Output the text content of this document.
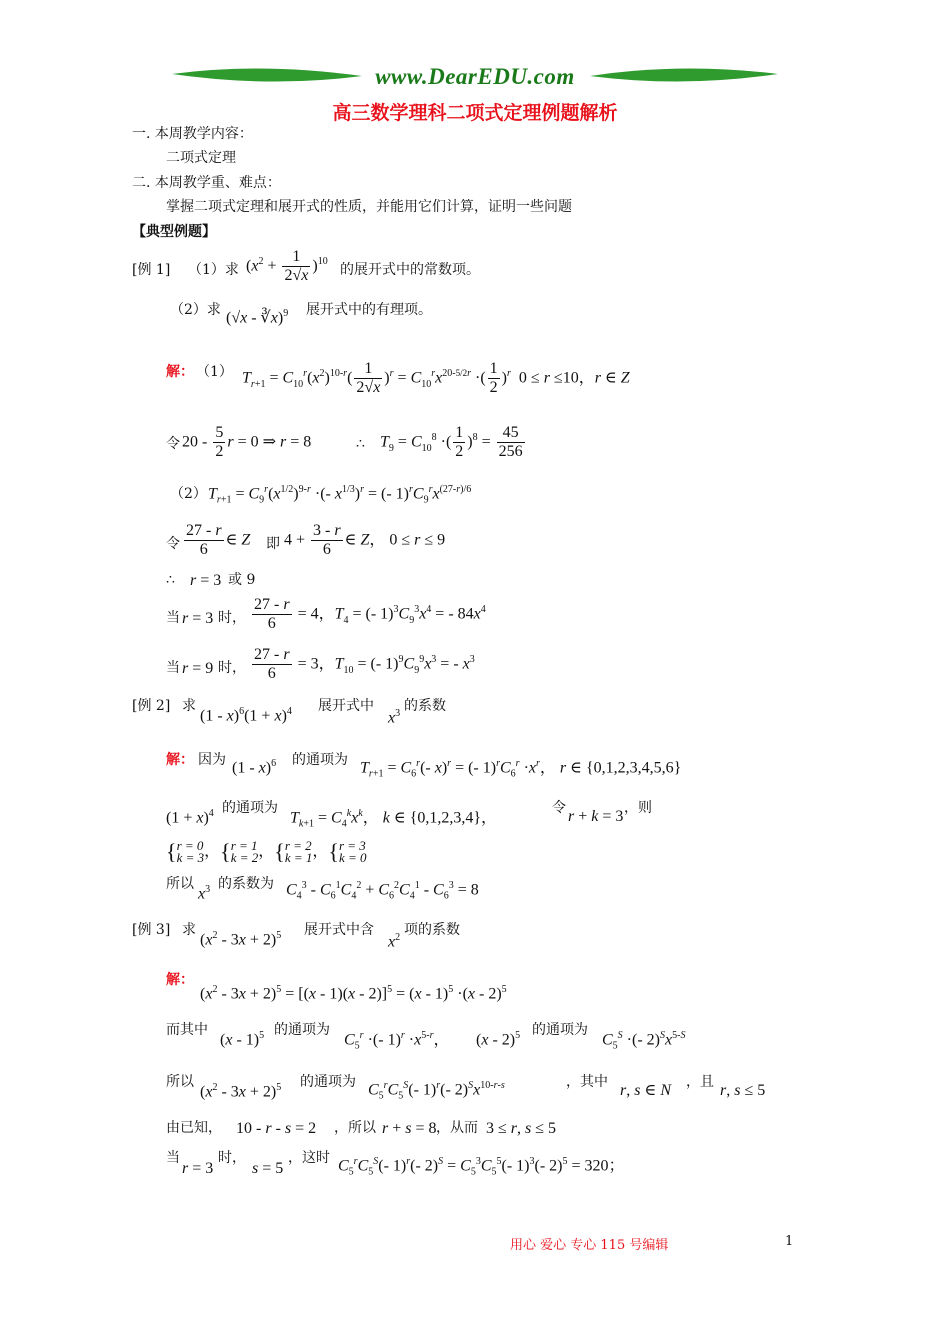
www.DearEDU.com
高三数学理科二项式定理例题解析
一. 本周教学内容：
二项式定理
二. 本周教学重、难点：
掌握二项式定理和展开式的性质，并能用它们计算，证明一些问题
【典型例题】
[例 1] （1）求 $(x^2 + \frac{1}{2√x} )^{10}$
的展开式中的常数项。
（2）求 (√x - ∛x)$^9$ 展开式中的有理项。
解： （1） $T_{r+1} = C_{10}^r(x^2)^{10-r}( \frac{1}{2√x} )^r = C_{10}^rx^{20-5/2r}$ ·( $\frac{1}{2} )^r$  0 ≤ r ≤10，r ∈ Z
令 $20 - \frac{5}{2}$ r = 0 ⇒ r = 8	∴ $T_9 = C_{10}^8$ ·( $\frac{1}{2} )^8 = \frac{45}{256}$
（2） $T_{r+1} = C_9^r(x^{1/2})^{9-r}$ ·(- $x^{1/3})^r$ = (- $1)^rC_9^rx^{(27-r)/6}$
令 $\frac{27 - r}{6}$ ∈ Z 即 $4 + \frac{3 - r}{6}$ ∈ Z， 0 ≤ r ≤ 9
∴ r = 3 或 9
当 r = 3 时， $\frac{27 - r}{6} = 4$，$T_4$ = (- $1)^3C_9^3x^4$ = - $84x^4$
当 r = 9 时， $\frac{27 - r}{6} = 3$，$T_{10}$ = (- $1)^9C_9^9x^3$ = - $x^3$
[例 2] 求
$(1 - x)^6(1 + x)^4$ 展开式中
$x^3$ 的系数
解： 因为 (1 - x)$^6$ 的通项为 $T_{r+1} = C_6^r(-$ x)$^r$ = (- $1)^rC_6^r \cdot x^r$， r ∈ {0,1,2,3,4,5,6}
$(1 + x)^4$ 的通项为
$T_{k+1} = C_4^kx^k$， k ∈ {0,1,2,3,4}，
令 r + k = 3 ，则
{r = 0
k = 3，{r = 1
k = 2，{r = 2
k = 1，{r = 3
k = 0
所以
$x^3$ 的系数为 $C_4^3 - C_6^1C_4^2 + C_6^2C_4^1 - C_6^3 = 8$
[例 3] 求
$(x^2 - 3x + 2)^5$ 展开式中含
$x^2$ 项的系数
解：
$(x^2 - 3x + 2)^5 = [(x - 1)(x - 2)]^5 = (x - 1)^5 \cdot(x - 2)^5$
而其中
(x - 1)$^5$ 的通项为
$C_5^r$ ·(- $1)^r \cdot x^{5-r}$， (x - 2)$^5$ 的通项为
$C_5^S$ ·(- $2)^Sx^{5-S}$
所以
$(x^2 - 3x + 2)^5$ 的通项为 $C_5^rC_5^S(-$ 1)$^r$(- $2)^Sx^{10-r-s}$	，其中 r, s ∈ N ，且 r, s ≤ 5
由已知， 10 - r - s = 2 ，所以 r + s = 8 ，从而 3 ≤ r, s ≤ 5
当
r = 3
时，
s = 5
，这时 $C_5^rC_5^S(-$ 1)$^r$(- $2)^S = C_5^3C_5^5(-$ 1)$^3$(- 2)$^5$ = 320；
用心 爱心 专心 115 号编辑	1
